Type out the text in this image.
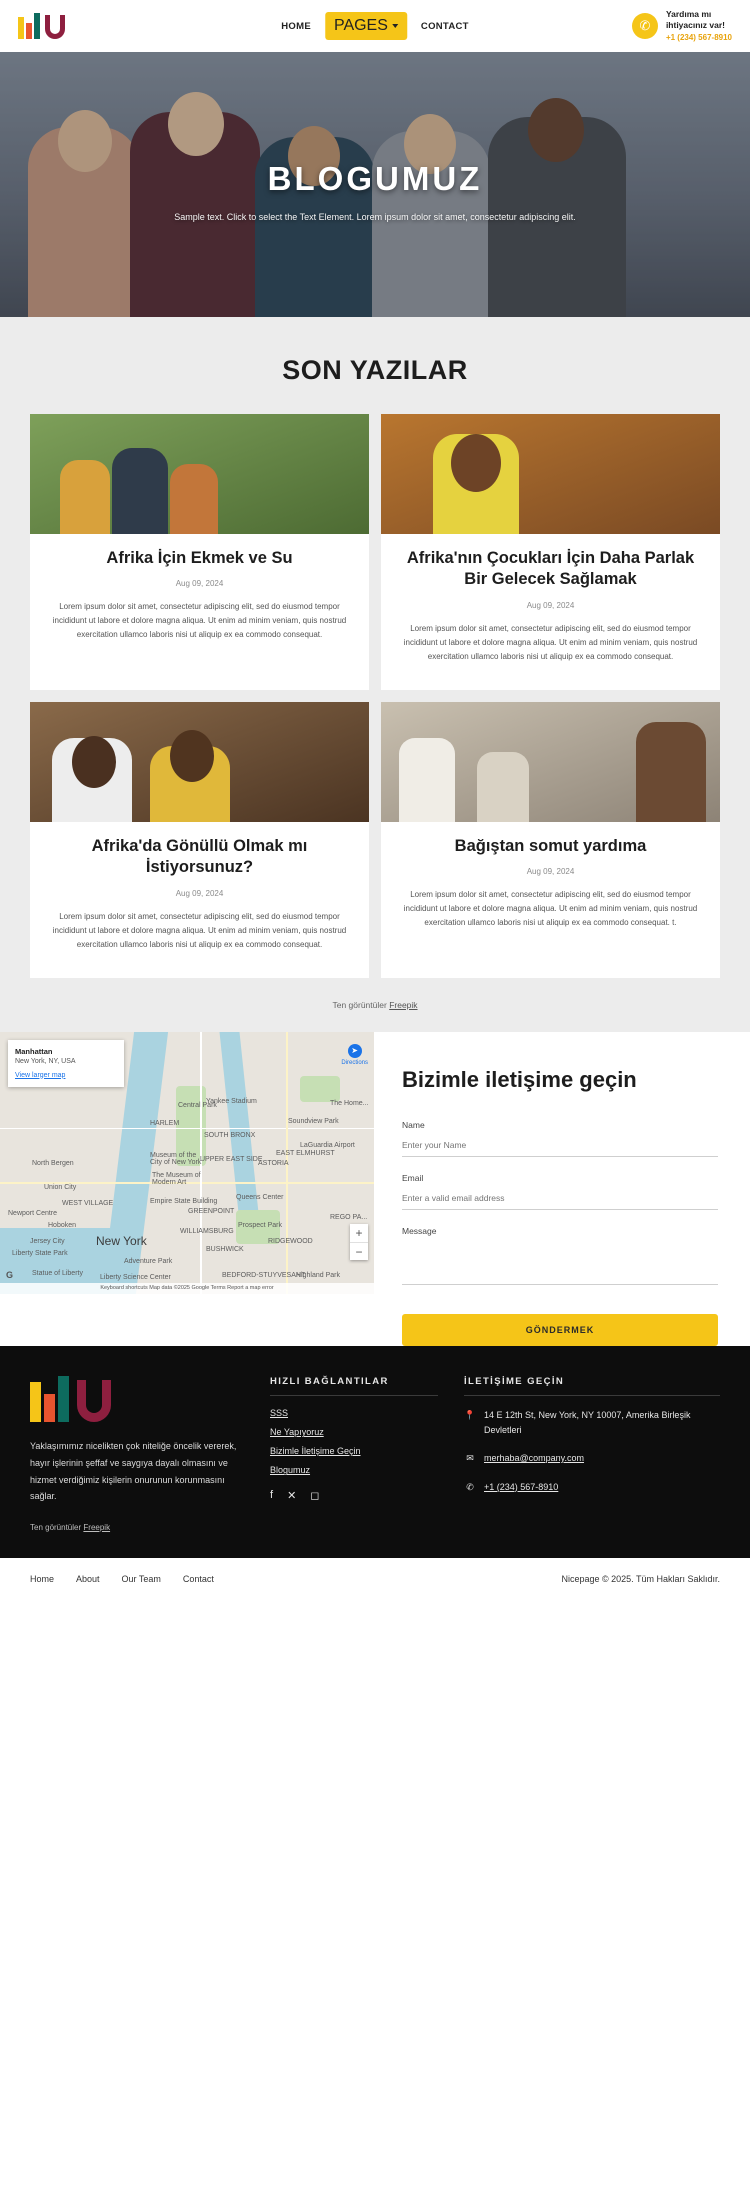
HOME PAGES	CONTACT	✆
Yardıma mı
ihtiyacınız var!
+1 (234) 567-8910
BLOGUMUZ
Sample text. Click to select the Text Element. Lorem ipsum dolor sit amet, consectetur adipiscing elit.
SON YAZILAR
Afrika İçin Ekmek ve Su
Aug 09, 2024
Lorem ipsum dolor sit amet, consectetur adipiscing elit, sed do eiusmod tempor incididunt ut labore et dolore magna aliqua. Ut enim ad minim veniam, quis nostrud exercitation ullamco laboris nisi ut aliquip ex ea commodo consequat.
Afrika'nın Çocukları İçin Daha Parlak Bir Gelecek Sağlamak
Aug 09, 2024
Lorem ipsum dolor sit amet, consectetur adipiscing elit, sed do eiusmod tempor incididunt ut labore et dolore magna aliqua. Ut enim ad minim veniam, quis nostrud exercitation ullamco laboris nisi ut aliquip ex ea commodo consequat.
Afrika'da Gönüllü Olmak mı İstiyorsunuz?
Aug 09, 2024
Lorem ipsum dolor sit amet, consectetur adipiscing elit, sed do eiusmod tempor incididunt ut labore et dolore magna aliqua. Ut enim ad minim veniam, quis nostrud exercitation ullamco laboris nisi ut aliquip ex ea commodo consequat.
Bağıştan somut yardıma
Aug 09, 2024
Lorem ipsum dolor sit amet, consectetur adipiscing elit, sed do eiusmod tempor incididunt ut labore et dolore magna aliqua. Ut enim ad minim veniam, quis nostrud exercitation ullamco laboris nisi ut aliquip ex ea commodo consequat. t.
Ten görüntüler Freepik
Manhattan
New York, NY, USA
View larger map
➤
Directions
HARLEM
Yankee Stadium	The Home...
Museum of the City of New York
Soundview Park
LaGuardia Airport
SOUTH BRONX
ASTORIA
UPPER EAST SIDE
The Museum of Modern Art
EAST ELMHURST
Empire State Building
Queens Center
North Bergen
Union City
Hoboken
Jersey City	New York
WILLIAMSBURG
BUSHWICK
RIDGEWOOD
GREENPOINT
Liberty State Park
Newport Centre
Statue of Liberty
Adventure Park
WEST VILLAGE
Liberty Science Center	BEDFORD-STUYVESANT
Highland Park
REGO PA...
Central Park
Prospect Park
+
−
G
Keyboard shortcuts Map data ©2025 Google Terms Report a map error
Bizimle iletişime geçin
Name
Enter your Name
Email
Enter a valid email address
Message
GÖNDERMEK
Yaklaşımımız nicelikten çok niteliğe öncelik vererek, hayır işlerinin şeffaf ve saygıya dayalı olmasını ve hizmet verdiğimiz kişilerin onurunun korunmasını sağlar.
Ten görüntüler Freepik
HIZLI BAĞLANTILAR
SSS
Ne Yapıyoruz
Bizimle İletişime Geçin
Blogumuz
f ✕ ◻
İLETİŞİME GEÇİN
📍 14 E 12th St, New York, NY 10007, Amerika Birleşik Devletleri
✉ merhaba@company.com
✆ +1 (234) 567-8910
Home About Our Team Contact	Nicepage © 2025. Tüm Hakları Saklıdır.
